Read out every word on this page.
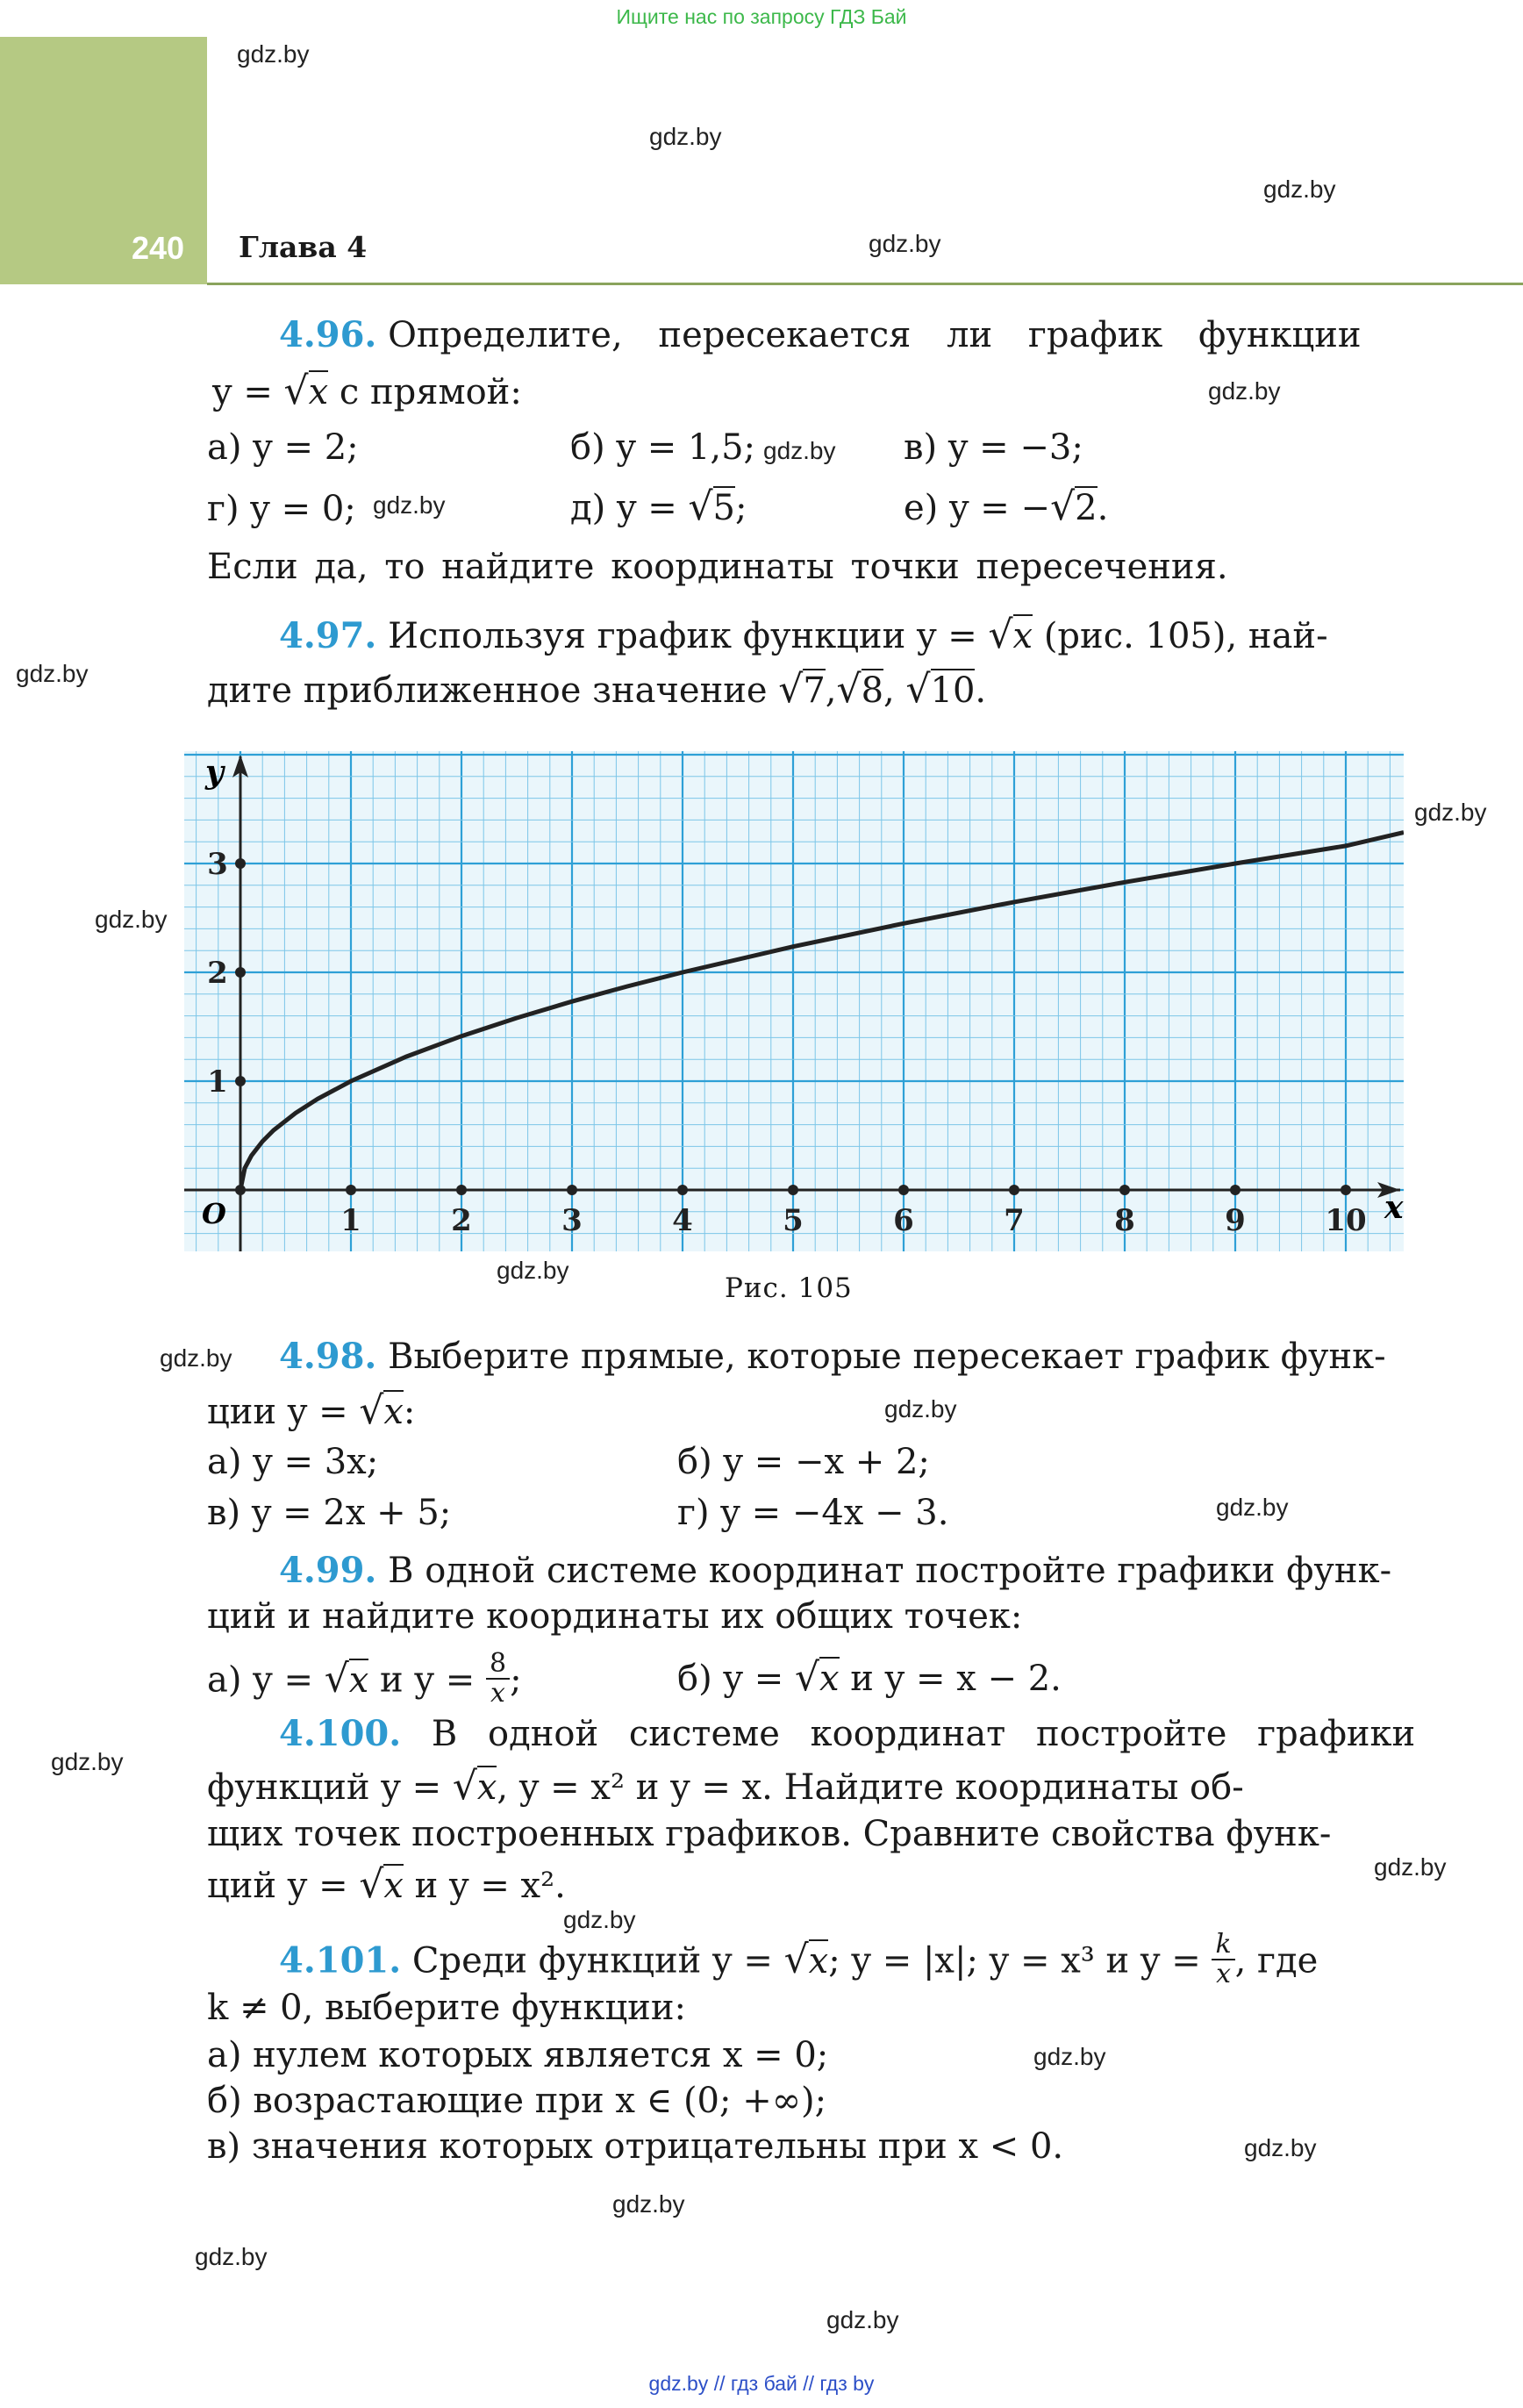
Ищите нас по запросу ГДЗ Бай
240 Глава 4
gdz.by
gdz.by
gdz.by
gdz.by
gdz.by
gdz.by
gdz.by
gdz.by
gdz.by
gdz.by
gdz.by
gdz.by
gdz.by
gdz.by
gdz.by
gdz.by
gdz.by
gdz.by
gdz.by
gdz.by
gdz.by
gdz.by
4.96. Определите, пересекается ли график функции
y = √x с прямой:
а) y = 2;	б) y = 1,5;	в) y = −3;
г) y = 0;	д) y = √5;	е) y = −√2.
Если да, то найдите координаты точки пересечения.
4.97. Используя график функции y = √x (рис. 105), най-
дите приближенное значение √7,√8, √10.
1	2	3	4	5	6	7	8	9	10
1
2
3
x
y
O
Рис. 105
4.98. Выберите прямые, которые пересекает график функ-
ции y = √x:
а) y = 3x;	б) y = −x + 2;
в) y = 2x + 5;	г) y = −4x − 3.
4.99. В одной системе координат постройте графики функ-
ций и найдите координаты их общих точек:
а) y = √x и $y = \frac{8}{x}$ ;	б) y = √x и y = x − 2.
4.100. В одной системе координат постройте графики
функций y = √x, y = x² и y = x. Найдите координаты об-
щих точек построенных графиков. Сравните свойства функ-
ций y = √x и y = x².
4.101. Среди функций y = √x; y = |x|; y = x³ и $y = \frac{k}{x}$ , где
k ≠ 0, выберите функции:
а) нулем которых является x = 0;
б) возрастающие при x ∈ (0; +∞);
в) значения которых отрицательны при x < 0.
gdz.by // гдз бай // гдз by
